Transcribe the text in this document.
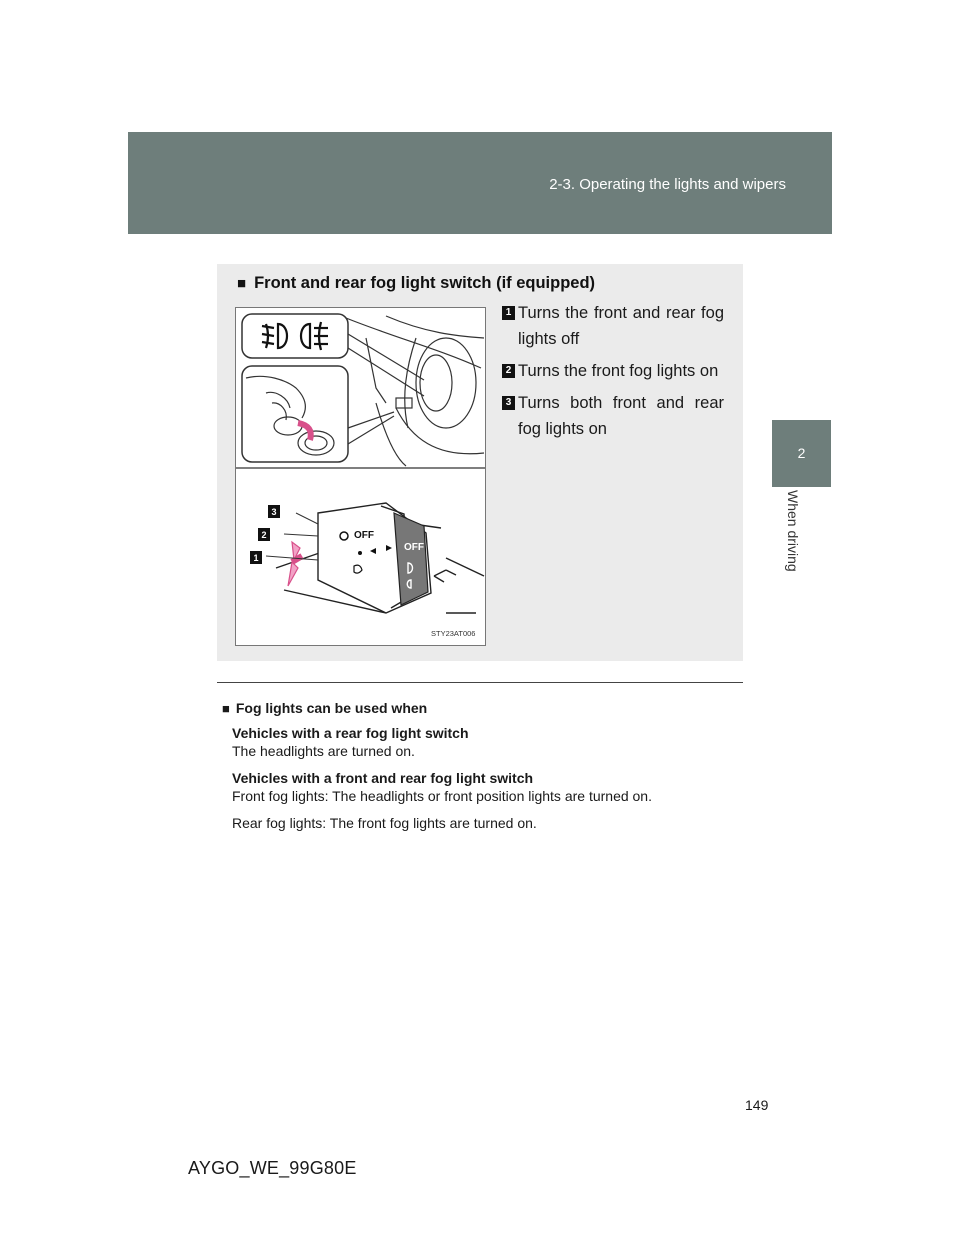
2-3. Operating the lights and wipers
2
When driving
■ Front and rear fog light switch (if equipped)
OFF
OFF
3
2
1
STY23AT006
1 Turns the front and rear fog lights off
2 Turns the front fog lights on
3 Turns both front and rear fog lights on
■ Fog lights can be used when
Vehicles with a rear fog light switch
The headlights are turned on.
Vehicles with a front and rear fog light switch
Front fog lights: The headlights or front position lights are turned on.
Rear fog lights: The front fog lights are turned on.
149
AYGO_WE_99G80E
